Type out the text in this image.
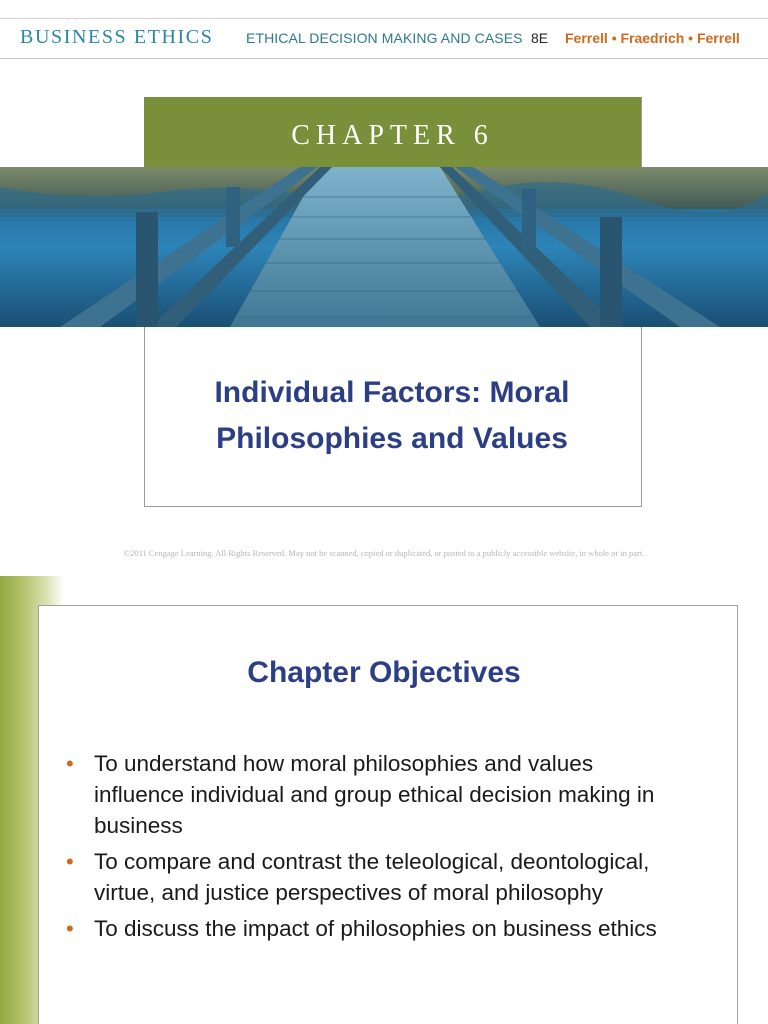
BUSINESS ETHICS ETHICAL DECISION MAKING AND CASES 8E Ferrell • Fraedrich • Ferrell
CHAPTER 6
Individual Factors: Moral
Philosophies and Values
©2011 Cengage Learning. All Rights Reserved. May not be scanned, copied or duplicated, or posted to a publicly accessible website, in whole or in part.
Chapter Objectives
• To understand how moral philosophies and values influence individual and group ethical decision making in business
• To compare and contrast the teleological, deontological, virtue, and justice perspectives of moral philosophy
• To discuss the impact of philosophies on business ethics
